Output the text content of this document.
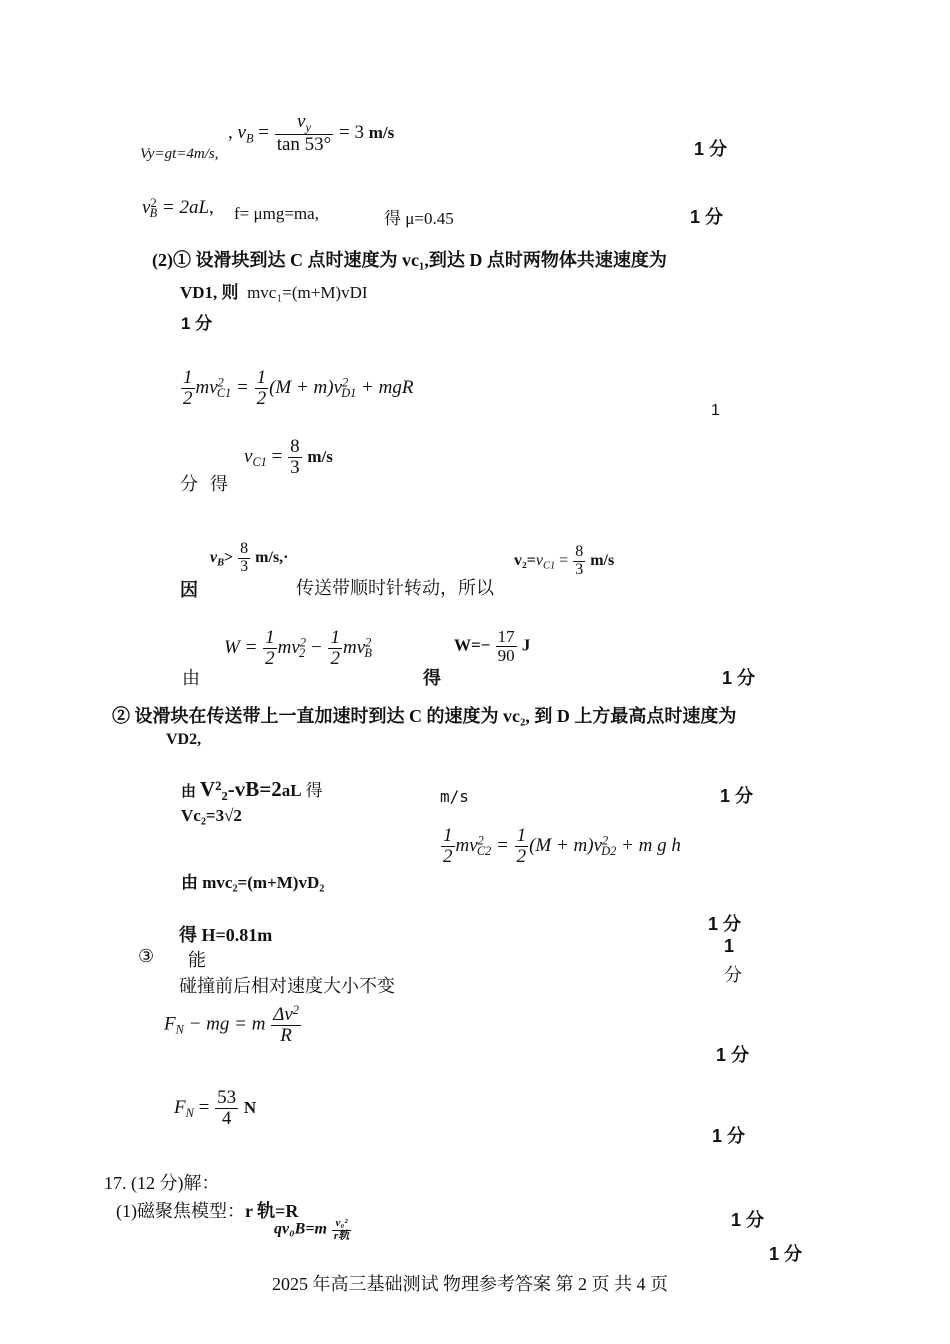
Vy=gt=4m/s,
, $v_B = \frac{v_y}{\tan 53^\circ} = 3$ m/s
1 分
$v^2_B = 2aL$, f= μmg=ma,	得 μ=0.45	1 分
(2)① 设滑块到达 C 点时速度为 vc₁,到达 D 点时两物体共速速度为
VD1, 则 mvc₁=(m+M)vDI
1 分
$\frac{1}{2} mv^2_{C1} = \frac{1}{2} (M + m)v^2_{D1}$ + mgR
1
分 得
$v_{C1} = \frac{8}{3} m/s$
因
$v_B> \frac{8}{3} m/s,\cdot$
传送带顺时针转动，所以
$v_2=v_{C1} = \frac{8}{3} m/s$
由
$W = \frac{1}{2} mv^2_2 - \frac{1}{2} mv^2_B$
得
$W=- \frac{17}{90}$ J
1 分
② 设滑块在传送带上一直加速时到达 C 的速度为 vc₂, 到 D 上方最高点时速度为
VD2,
由 V²₂-vB=2aL 得	m/s	1 分
Vc₂=3√2
$\frac{1}{2} mv^2_{C2} = \frac{1}{2} (M + m)v^2_{D2} + m$ g h
由 mvc₂=(m+M)vD₂
1 分
得 H=0.81m
1
分
③ 能
碰撞前后相对速度大小不变
$F_N$ − mg = m $\frac{\Delta v^2}{R}$
1 分
$F_N = \frac{53}{4}$ N
1 分
17. (12 分)解：
(1)磁聚焦模型：r 轨=R	1 分
$qv_0B=m \frac{\text{v₀²}}{\text{r轨}}$
1 分
2025 年高三基础测试 物理参考答案 第 2 页 共 4 页
